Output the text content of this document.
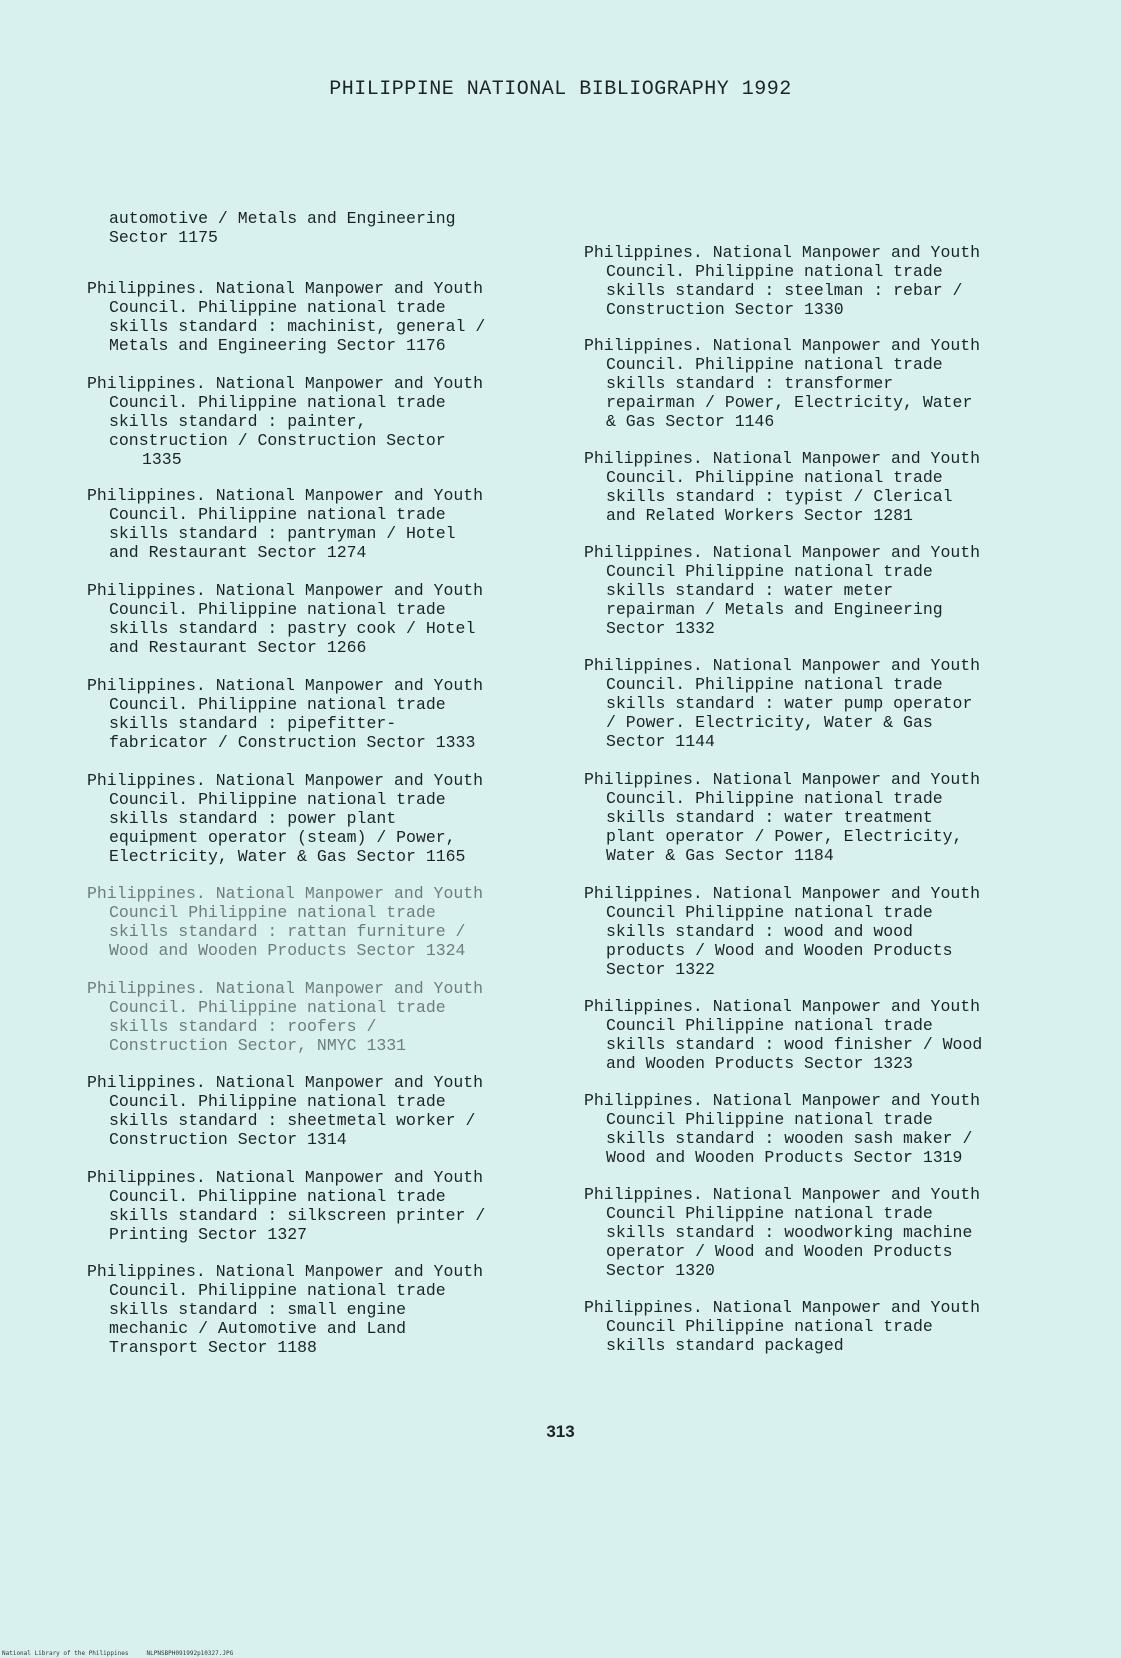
PHILIPPINE NATIONAL BIBLIOGRAPHY 1992
automotive / Metals and Engineering
Sector 1175
Philippines. National Manpower and Youth
Council. Philippine national trade
skills standard : machinist, general /
Metals and Engineering Sector 1176
Philippines. National Manpower and Youth
Council. Philippine national trade
skills standard : painter,
construction / Construction Sector
1335
Philippines. National Manpower and Youth
Council. Philippine national trade
skills standard : pantryman / Hotel
and Restaurant Sector 1274
Philippines. National Manpower and Youth
Council. Philippine national trade
skills standard : pastry cook / Hotel
and Restaurant Sector 1266
Philippines. National Manpower and Youth
Council. Philippine national trade
skills standard : pipefitter-
fabricator / Construction Sector 1333
Philippines. National Manpower and Youth
Council. Philippine national trade
skills standard : power plant
equipment operator (steam) / Power,
Electricity, Water & Gas Sector 1165
Philippines. National Manpower and Youth
Council Philippine national trade
skills standard : rattan furniture /
Wood and Wooden Products Sector 1324
Philippines. National Manpower and Youth
Council. Philippine national trade
skills standard : roofers /
Construction Sector, NMYC 1331
Philippines. National Manpower and Youth
Council. Philippine national trade
skills standard : sheetmetal worker /
Construction Sector 1314
Philippines. National Manpower and Youth
Council. Philippine national trade
skills standard : silkscreen printer /
Printing Sector 1327
Philippines. National Manpower and Youth
Council. Philippine national trade
skills standard : small engine
mechanic / Automotive and Land
Transport Sector 1188
Philippines. National Manpower and Youth
Council. Philippine national trade
skills standard : steelman : rebar /
Construction Sector 1330
Philippines. National Manpower and Youth
Council. Philippine national trade
skills standard : transformer
repairman / Power, Electricity, Water
& Gas Sector 1146
Philippines. National Manpower and Youth
Council. Philippine national trade
skills standard : typist / Clerical
and Related Workers Sector 1281
Philippines. National Manpower and Youth
Council Philippine national trade
skills standard : water meter
repairman / Metals and Engineering
Sector 1332
Philippines. National Manpower and Youth
Council. Philippine national trade
skills standard : water pump operator
/ Power. Electricity, Water & Gas
Sector 1144
Philippines. National Manpower and Youth
Council. Philippine national trade
skills standard : water treatment
plant operator / Power, Electricity,
Water & Gas Sector 1184
Philippines. National Manpower and Youth
Council Philippine national trade
skills standard : wood and wood
products / Wood and Wooden Products
Sector 1322
Philippines. National Manpower and Youth
Council Philippine national trade
skills standard : wood finisher / Wood
and Wooden Products Sector 1323
Philippines. National Manpower and Youth
Council Philippine national trade
skills standard : wooden sash maker /
Wood and Wooden Products Sector 1319
Philippines. National Manpower and Youth
Council Philippine national trade
skills standard : woodworking machine
operator / Wood and Wooden Products
Sector 1320
Philippines. National Manpower and Youth
Council Philippine national trade
skills standard packaged
313
National Library of the Philippines     NLPNSBPH091992p10327.JPG
